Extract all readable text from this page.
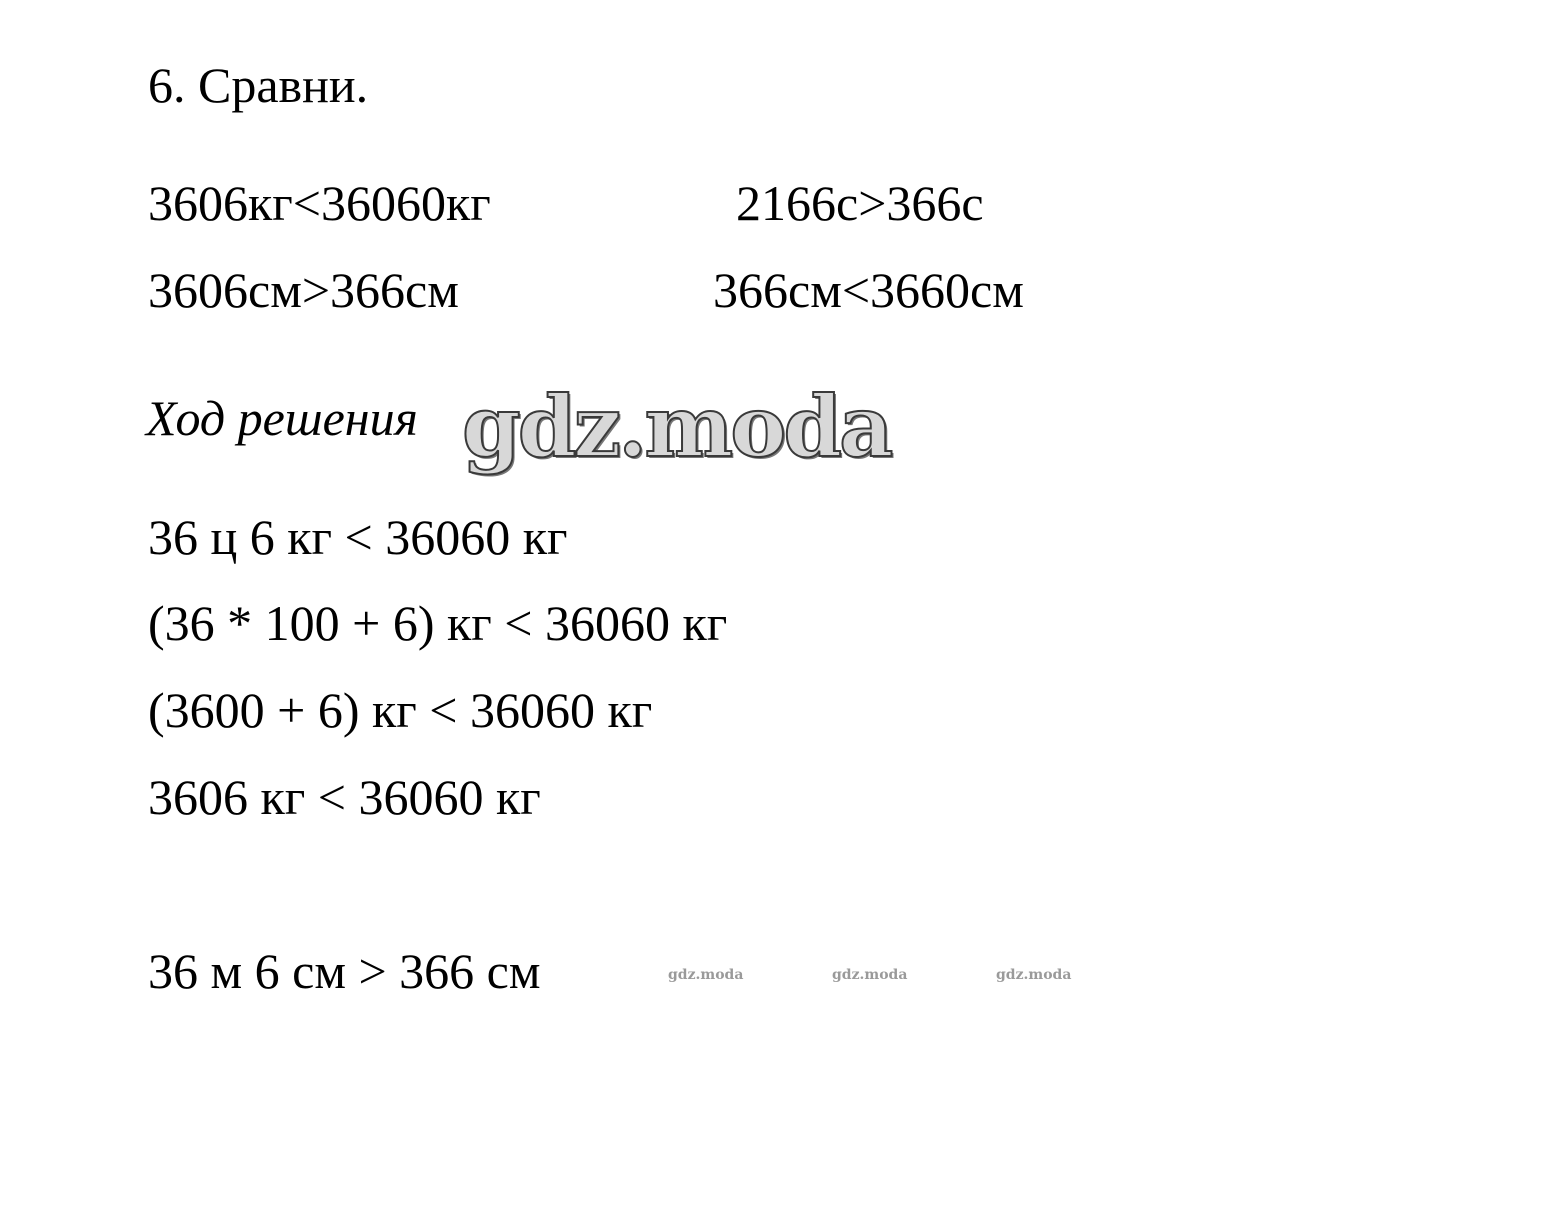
6. Сравни.
3606кг<36060кг	2166с>366с
3606см>366см	366см<3660см
Ход решения gdz.moda
36 ц 6 кг < 36060 кг
(36 * 100 + 6) кг < 36060 кг
(3600 + 6) кг < 36060 кг
3606 кг < 36060 кг
36 м 6 см > 366 см	gdz.moda	gdz.moda	gdz.moda
